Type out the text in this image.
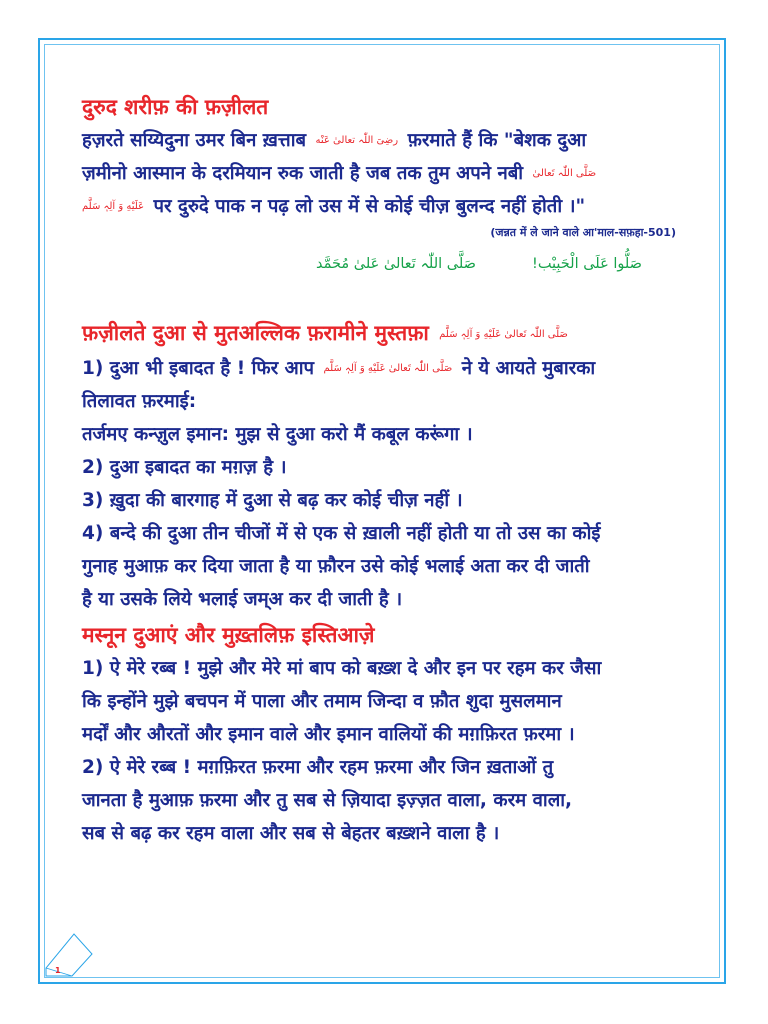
दुरुद शरीफ़ की फ़ज़ीलत
हज़रते सय्यिदुना उमर बिन ख़त्ताब رضِیَ اللّٰہ تعالیٰ عَنْه फ़रमाते हैं कि "बेशक दुआ
ज़मीनो आस्मान के दरमियान रुक जाती है जब तक तुम अपने नबी صَلَّی اللّٰہ تَعالیٰ
عَلَیْهِ وَ آلِہٖ سَلَّم पर दुरुदे पाक न पढ़ लो उस में से कोई चीज़ बुलन्द नहीं होती ।"

(जन्नत में ले जाने वाले आ'माल-सफ़हा-501)

صَلَّی اللّٰہ تَعالیٰ عَلیٰ مُحَمَّد	صَلُّوا عَلَی الْحَبِیْب!
फ़ज़ीलते दुआ से मुतअल्लिक फ़रामीने मुस्तफ़ा صَلَّی اللّٰہ تَعالیٰ عَلَیْهِ وَ آلِہٖ سَلَّم
1) दुआ भी इबादत है ! फिर आप صَلَّی اللّٰہ تَعالیٰ عَلَیْهِ وَ آلِہٖ سَلَّم ने ये आयते मुबारका
तिलावत फ़रमाई:
तर्जमए कन्ज़ुल इमान: मुझ से दुआ करो मैं कबूल करूंगा ।
2) दुआ इबादत का मग़ज़ है ।
3) ख़ुदा की बारगाह में दुआ से बढ़ कर कोई चीज़ नहीं ।
4) बन्दे की दुआ तीन चीजों में से एक से ख़ाली नहीं होती या तो उस का कोई
गुनाह मुआफ़ कर दिया जाता है या फ़ौरन उसे कोई भलाई अता कर दी जाती
है या उसके लिये भलाई जम्अ कर दी जाती है ।
मस्नून दुआएं और मुख़्तलिफ़ इस्तिआज़े
1) ऐ मेरे रब्ब ! मुझे और मेरे मां बाप को बख़्श दे और इन पर रहम कर जैसा
कि इन्होंने मुझे बचपन में पाला और तमाम जिन्दा व फ़ौत शुदा मुसलमान
मर्दों और औरतों और इमान वाले और इमान वालियों की मग़फ़िरत फ़रमा ।
2) ऐ मेरे रब्ब ! मग़फ़िरत फ़रमा और रहम फ़रमा और जिन ख़ताओं तु
जानता है मुआफ़ फ़रमा और तु सब से ज़ियादा इज़्ज़त वाला, करम वाला,
सब से बढ़ कर रहम वाला और सब से बेहतर बख़्शने वाला है ।
1
